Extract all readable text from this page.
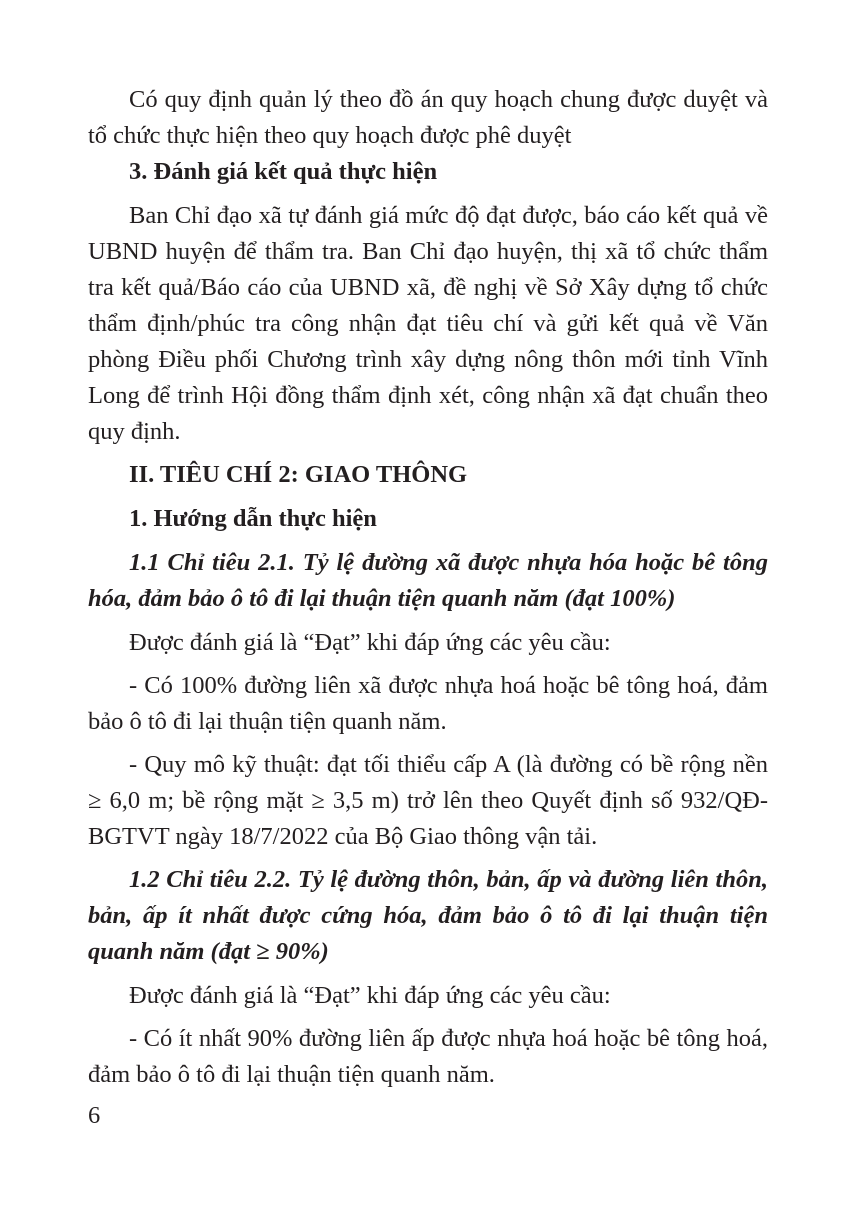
Có quy định quản lý theo đồ án quy hoạch chung được duyệt và tổ chức thực hiện theo quy hoạch được phê duyệt

3. Đánh giá kết quả thực hiện

Ban Chỉ đạo xã tự đánh giá mức độ đạt được, báo cáo kết quả về UBND huyện để thẩm tra. Ban Chỉ đạo huyện, thị xã tổ chức thẩm tra kết quả/Báo cáo của UBND xã, đề nghị về Sở Xây dựng tổ chức thẩm định/phúc tra công nhận đạt tiêu chí và gửi kết quả về Văn phòng Điều phối Chương trình xây dựng nông thôn mới tỉnh Vĩnh Long để trình Hội đồng thẩm định xét, công nhận xã đạt chuẩn theo quy định.

II. TIÊU CHÍ 2: GIAO THÔNG

1. Hướng dẫn thực hiện

1.1 Chỉ tiêu 2.1. Tỷ lệ đường xã được nhựa hóa hoặc bê tông hóa, đảm bảo ô tô đi lại thuận tiện quanh năm (đạt 100%)

Được đánh giá là “Đạt” khi đáp ứng các yêu cầu:

- Có 100% đường liên xã được nhựa hoá hoặc bê tông hoá, đảm bảo ô tô đi lại thuận tiện quanh năm.

- Quy mô kỹ thuật: đạt tối thiểu cấp A (là đường có bề rộng nền ≥ 6,0 m; bề rộng mặt ≥ 3,5 m) trở lên theo Quyết định số 932/QĐ-BGTVT ngày 18/7/2022 của Bộ Giao thông vận tải.

1.2 Chỉ tiêu 2.2. Tỷ lệ đường thôn, bản, ấp và đường liên thôn, bản, ấp ít nhất được cứng hóa, đảm bảo ô tô đi lại thuận tiện quanh năm (đạt ≥ 90%)

Được đánh giá là “Đạt” khi đáp ứng các yêu cầu:

- Có ít nhất 90% đường liên ấp được nhựa hoá hoặc bê tông hoá, đảm bảo ô tô đi lại thuận tiện quanh năm.

6
